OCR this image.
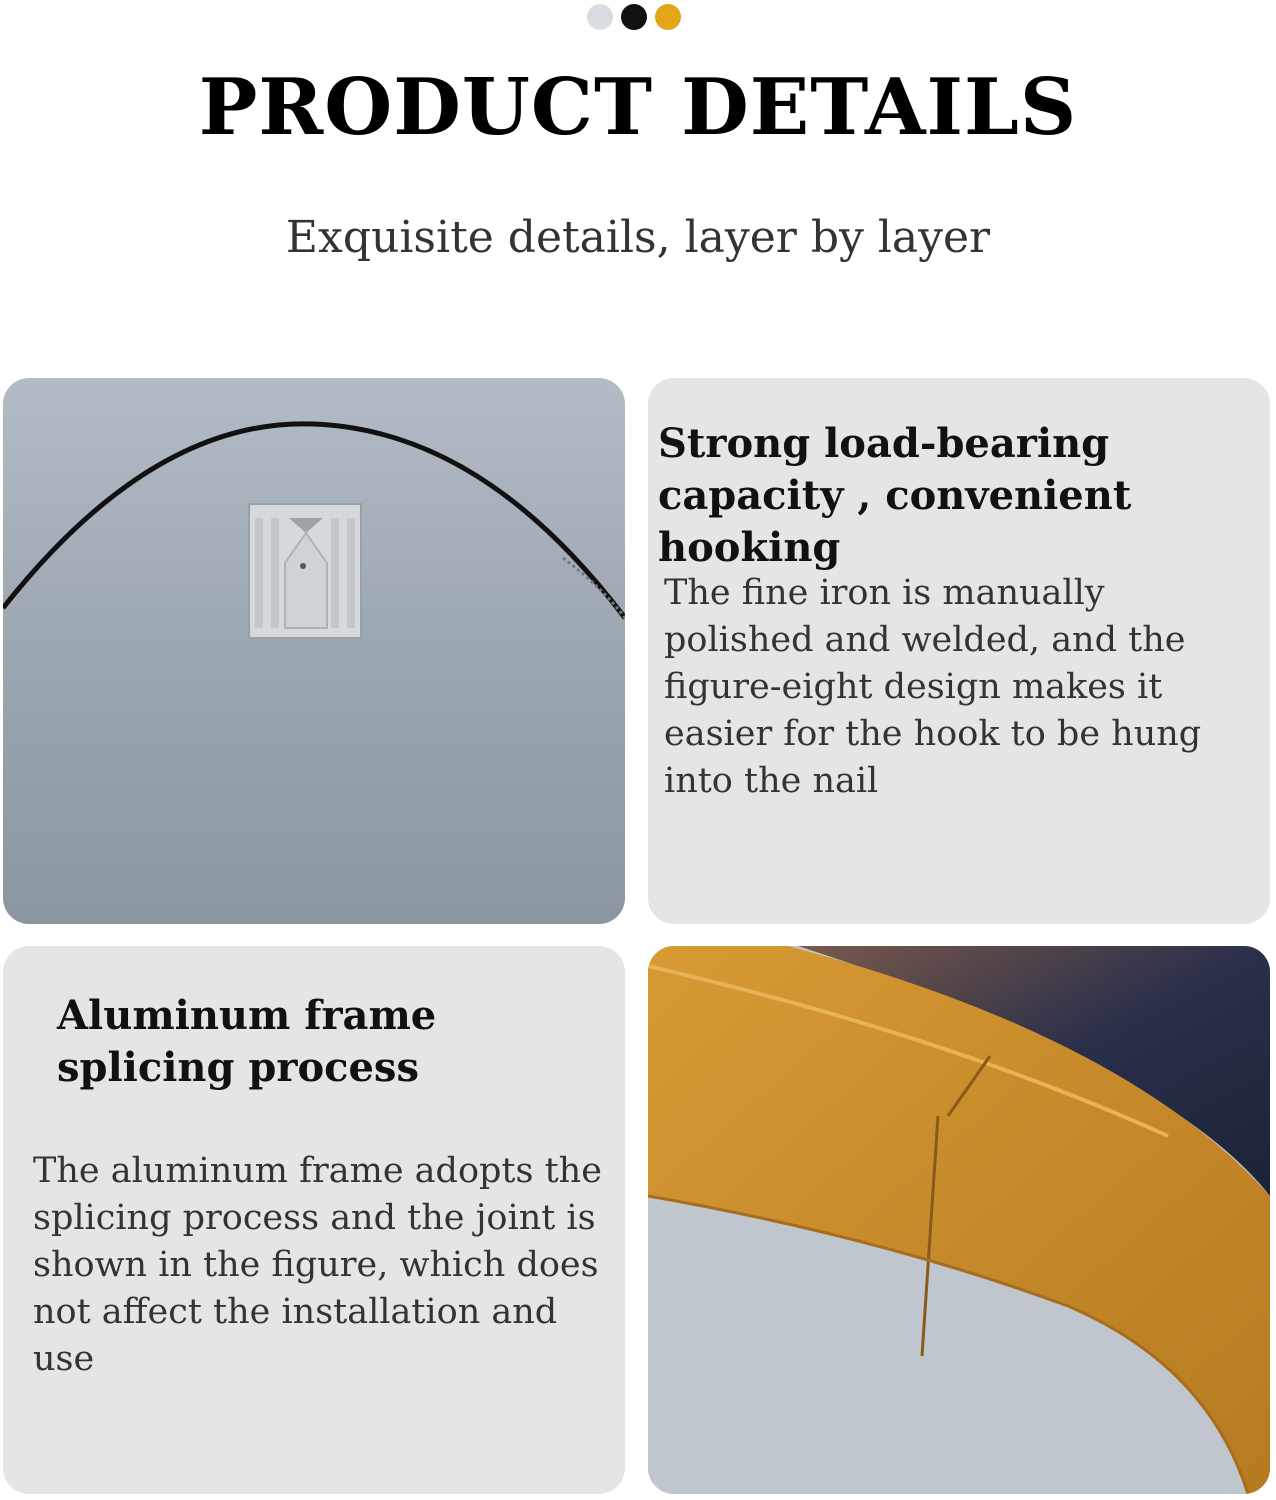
PRODUCT DETAILS
Exquisite details, layer by layer
Strong load-bearing capacity , convenient hooking
The fine iron is manually polished and welded, and the figure-eight design makes it easier for the hook to be hung into the nail
Aluminum frame splicing process
The aluminum frame adopts the splicing process and the joint is shown in the figure, which does not affect the installation and use
